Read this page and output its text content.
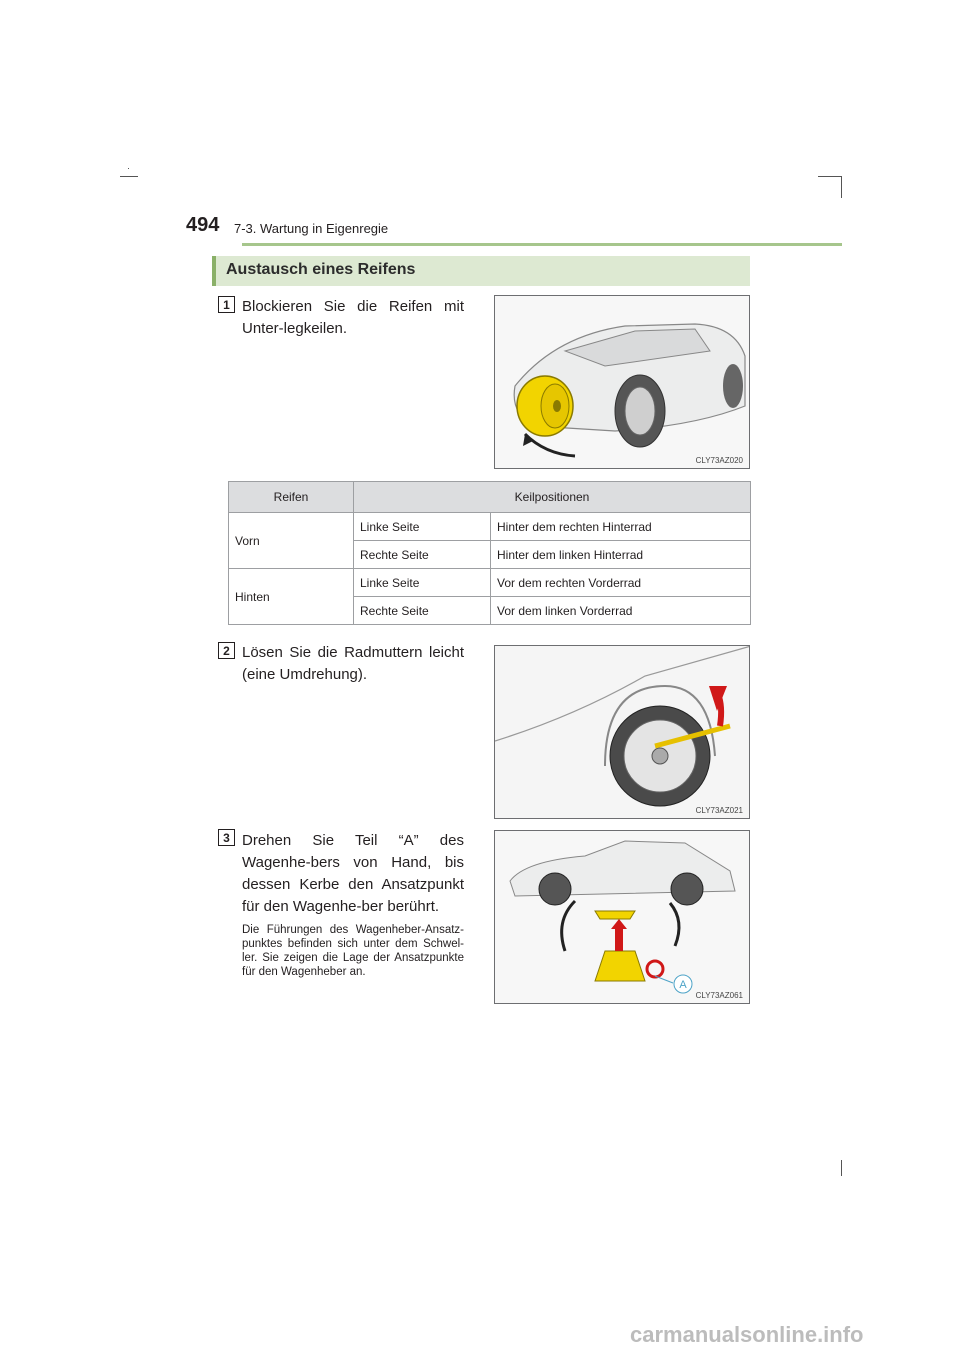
494 7-3. Wartung in Eigenregie
Austausch eines Reifens
1 Blockieren Sie die Reifen mit Unter-legkeilen.
CLY73AZ020
Reifen	Keilpositionen	
Vorn	Linke Seite	Hinter dem rechten Hinterrad
	Rechte Seite	Hinter dem linken Hinterrad
Hinten	Linke Seite	Vor dem rechten Vorderrad
	Rechte Seite	Vor dem linken Vorderrad
2 Lösen Sie die Radmuttern leicht (eine Umdrehung).
CLY73AZ021
3 Drehen Sie Teil “A” des Wagenhe-bers von Hand, bis dessen Kerbe den Ansatzpunkt für den Wagenhe-ber berührt.
Die Führungen des Wagenheber-Ansatz-punktes befinden sich unter dem Schwel-ler. Sie zeigen die Lage der Ansatzpunkte für den Wagenheber an.
A
CLY73AZ061
carmanualsonline.info
